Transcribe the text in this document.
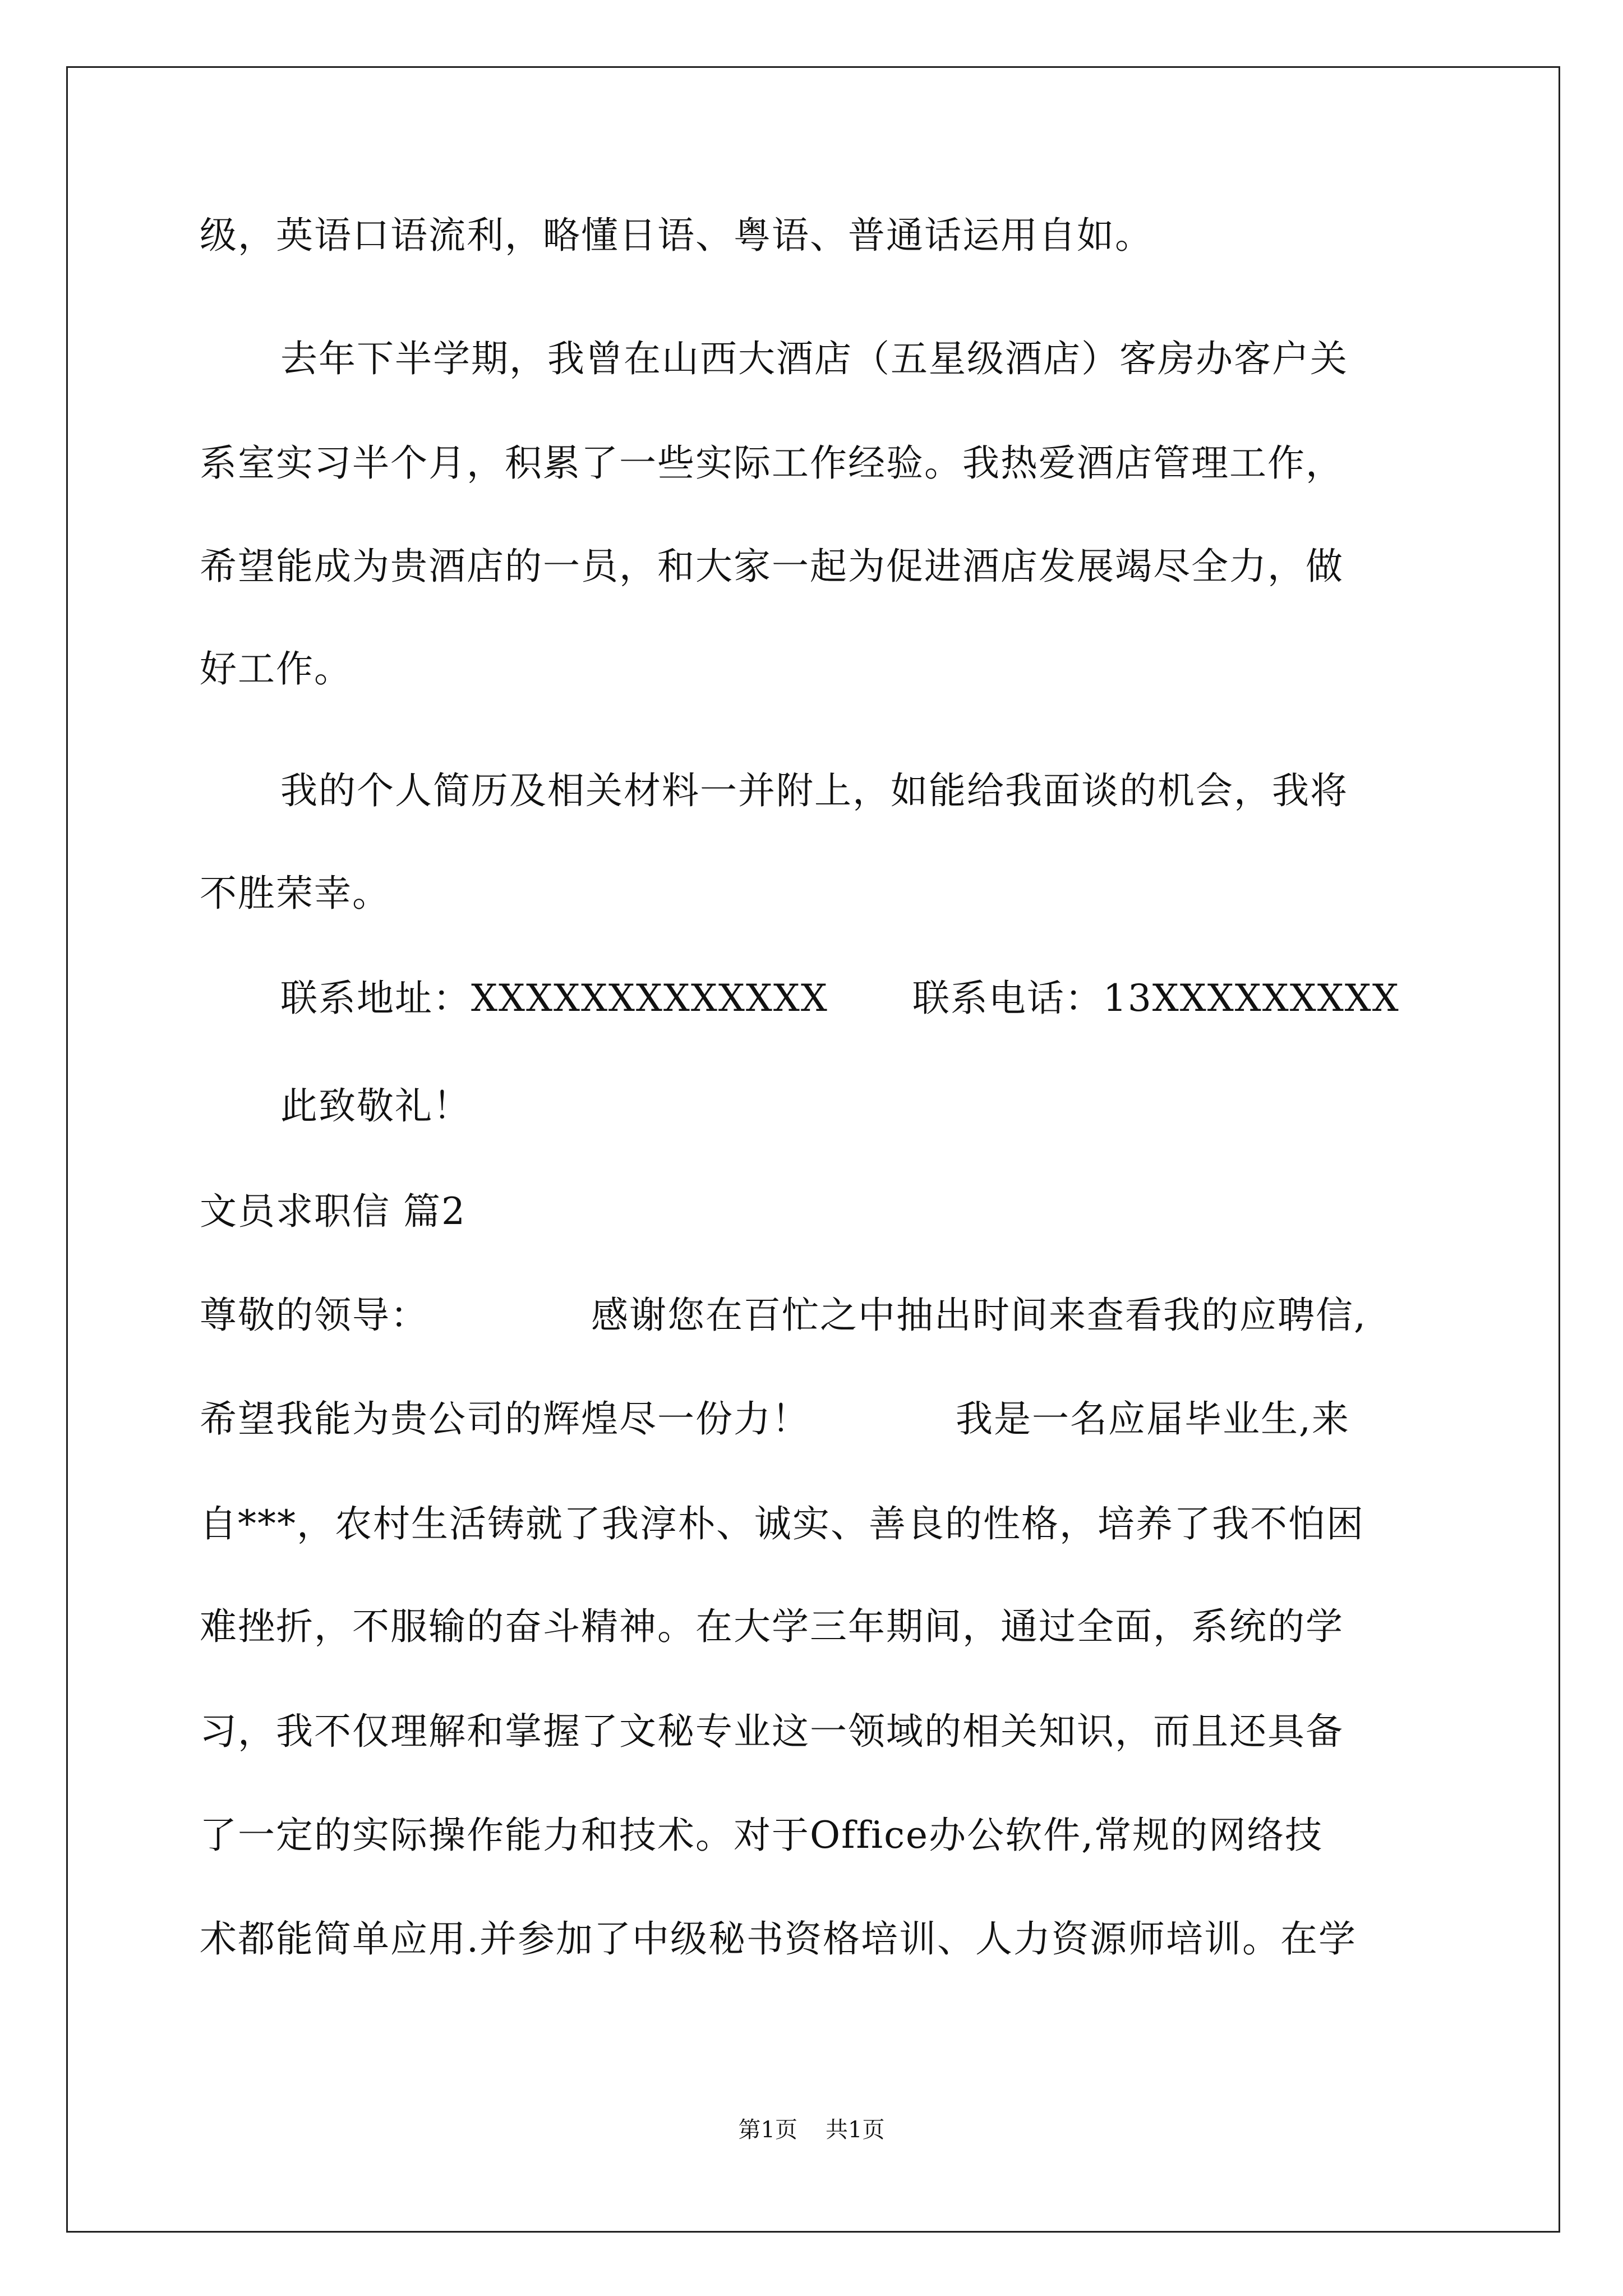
级，英语口语流利，略懂日语、粤语、普通话运用自如。
去年下半学期，我曾在山西大酒店（五星级酒店）客房办客户关
系室实习半个月，积累了一些实际工作经验。我热爱酒店管理工作，
希望能成为贵酒店的一员，和大家一起为促进酒店发展竭尽全力，做
好工作。
我的个人简历及相关材料一并附上，如能给我面谈的机会，我将
不胜荣幸。
联系地址：XXXXXXXXXXXXX 联系电话：13XXXXXXXXX
此致敬礼！
文员求职信 篇2
尊敬的领导：	感谢您在百忙之中抽出时间来查看我的应聘信,
希望我能为贵公司的辉煌尽一份力！	我是一名应届毕业生,来
自***，农村生活铸就了我淳朴、诚实、善良的性格，培养了我不怕困
难挫折，不服输的奋斗精神。在大学三年期间，通过全面，系统的学
习，我不仅理解和掌握了文秘专业这一领域的相关知识，而且还具备
了一定的实际操作能力和技术。对于Office办公软件,常规的网络技
术都能简单应用.并参加了中级秘书资格培训、人力资源师培训。在学
第1页 共1页
